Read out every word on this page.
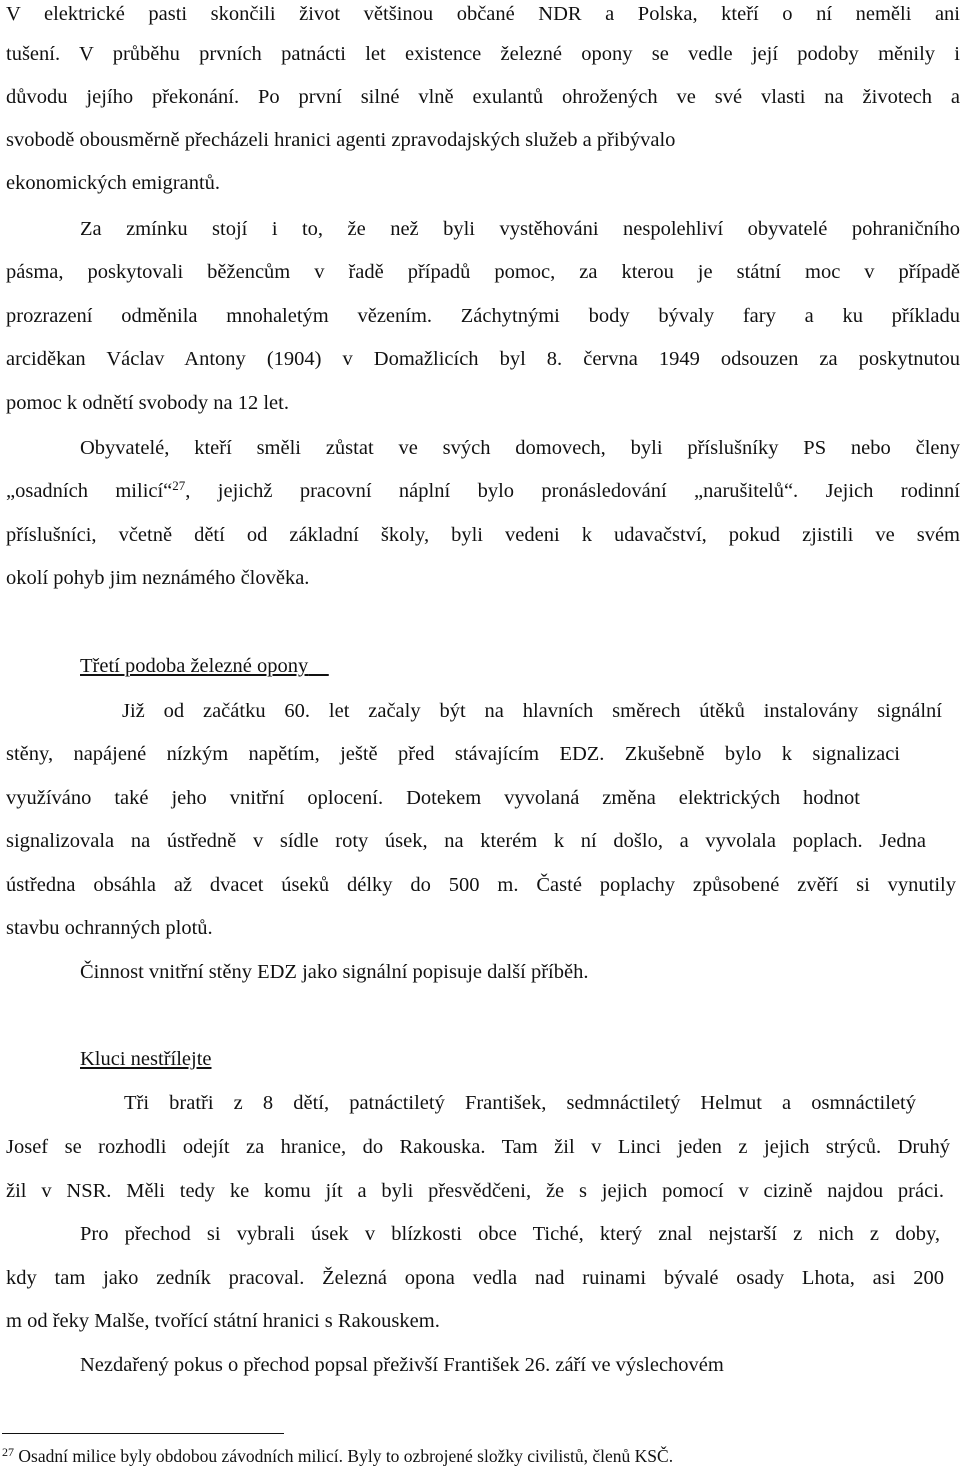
V elektrické pasti skončili život většinou občané NDR a Polska, kteří o ní neměli ani
tušení. V průběhu prvních patnácti let existence železné opony se vedle její podoby měnily i
důvodu jejího překonání. Po první silné vlně exulantů ohrožených ve své vlasti na životech a
svobodě obousměrně přecházeli hranici agenti zpravodajských služeb a přibývalo
ekonomických emigrantů.
Za zmínku stojí i to, že než byli vystěhováni nespolehliví obyvatelé pohraničního
pásma, poskytovali běžencům v řadě případů pomoc, za kterou je státní moc v případě
prozrazení odměnila mnohaletým vězením. Záchytnými body bývaly fary a ku příkladu
arciděkan Václav Antony (1904) v Domažlicích byl 8. června 1949 odsouzen za poskytnutou
pomoc k odnětí svobody na 12 let.
Obyvatelé, kteří směli zůstat ve svých domovech, byli příslušníky PS nebo členy
„osadních milicí“$^{27}$, jejichž pracovní náplní bylo pronásledování „narušitelů“. Jejich rodinní
příslušníci, včetně dětí od základní školy, byli vedeni k udavačství, pokud zjistili ve svém
okolí pohyb jim neznámého člověka.
Třetí podoba železné opony
Již od začátku 60. let začaly být na hlavních směrech útěků instalovány signální
stěny, napájené nízkým napětím, ještě před stávajícím EDZ. Zkušebně bylo k signalizaci
využíváno také jeho vnitřní oplocení. Dotekem vyvolaná změna elektrických hodnot
signalizovala na ústředně v sídle roty úsek, na kterém k ní došlo, a vyvolala poplach. Jedna
ústředna obsáhla až dvacet úseků délky do 500 m. Časté poplachy způsobené zvěří si vynutily
stavbu ochranných plotů.
Činnost vnitřní stěny EDZ jako signální popisuje další příběh.
Kluci nestřílejte
Tři bratři z 8 dětí, patnáctiletý František, sedmnáctiletý Helmut a osmnáctiletý
Josef se rozhodli odejít za hranice, do Rakouska. Tam žil v Linci jeden z jejich strýců. Druhý
žil v NSR. Měli tedy ke komu jít a byli přesvědčeni, že s jejich pomocí v cizině najdou práci.
Pro přechod si vybrali úsek v blízkosti obce Tiché, který znal nejstarší z nich z doby,
kdy tam jako zedník pracoval. Železná opona vedla nad ruinami bývalé osady Lhota, asi 200
m od řeky Malše, tvořící státní hranici s Rakouskem.
Nezdařený pokus o přechod popsal přeživší František 26. září ve výslechovém
$^{27}$ Osadní milice byly obdobou závodních milicí. Byly to ozbrojené složky civilistů, členů KSČ.
